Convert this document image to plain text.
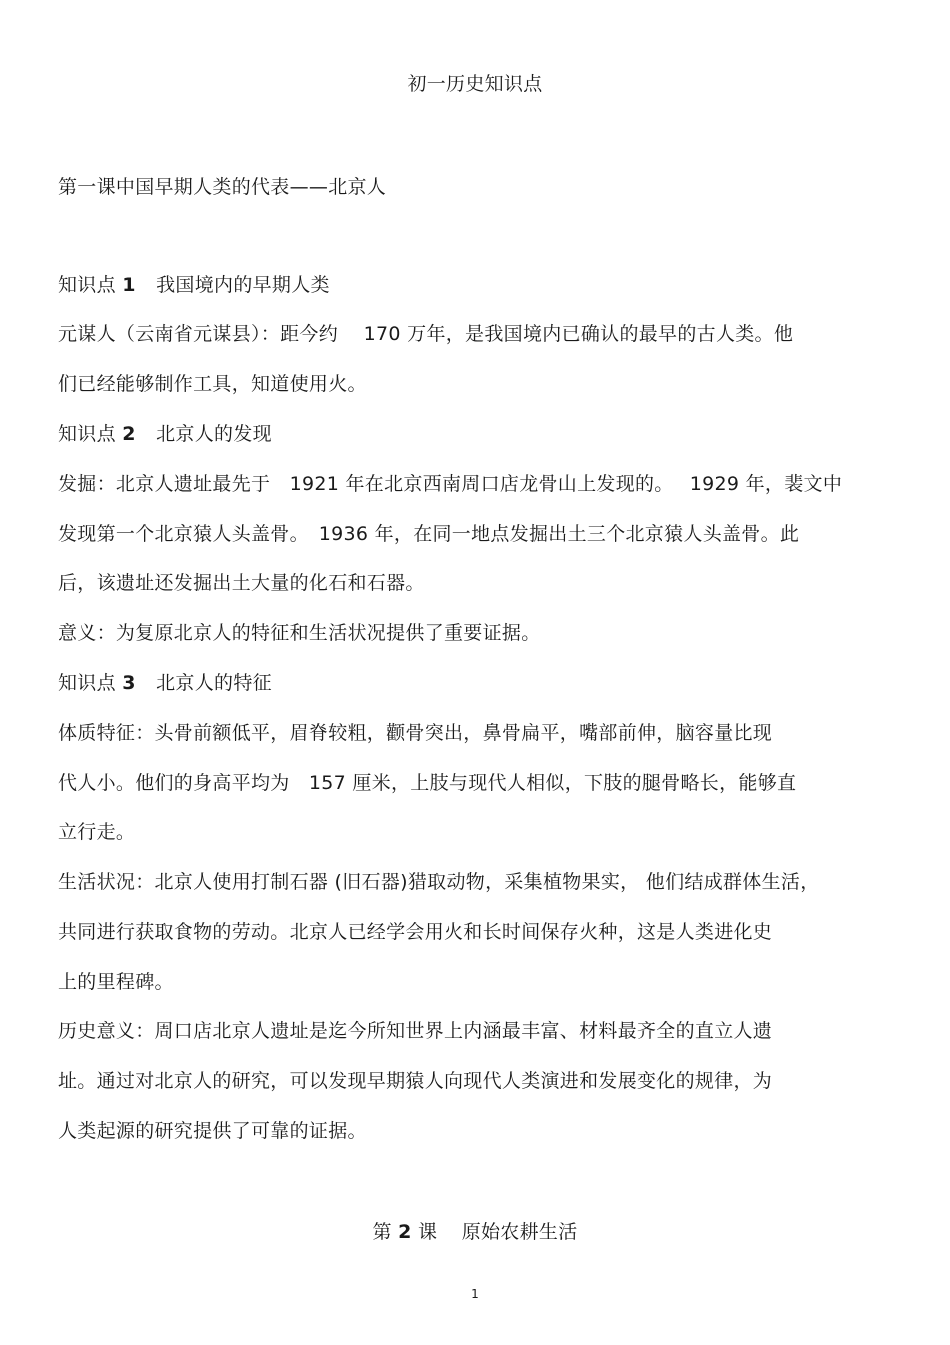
初一历史知识点
第一课中国早期人类的代表——北京人
知识点 1 我国境内的早期人类
元谋人（云南省元谋县）：距今约　 170 万年，是我国境内已确认的最早的古人类。他
们已经能够制作工具，知道使用火。
知识点 2 北京人的发现
发掘：北京人遗址最先于　1921 年在北京西南周口店龙骨山上发现的。　 1929 年，裴文中
发现第一个北京猿人头盖骨。　1936 年，在同一地点发掘出土三个北京猿人头盖骨。此
后，该遗址还发掘出土大量的化石和石器。
意义：为复原北京人的特征和生活状况提供了重要证据。
知识点 3 北京人的特征
体质特征：头骨前额低平，眉脊较粗，颧骨突出，鼻骨扁平，嘴部前伸，脑容量比现
代人小。他们的身高平均为　157 厘米，上肢与现代人相似，下肢的腿骨略长，能够直
立行走。
生活状况：北京人使用打制石器 (旧石器)猎取动物，采集植物果实， 他们结成群体生活，
共同进行获取食物的劳动。北京人已经学会用火和长时间保存火种，这是人类进化史
上的里程碑。
历史意义：周口店北京人遗址是迄今所知世界上内涵最丰富、材料最齐全的直立人遗
址。通过对北京人的研究，可以发现早期猿人向现代人类演进和发展变化的规律，为
人类起源的研究提供了可靠的证据。
第 2 课 原始农耕生活
1
